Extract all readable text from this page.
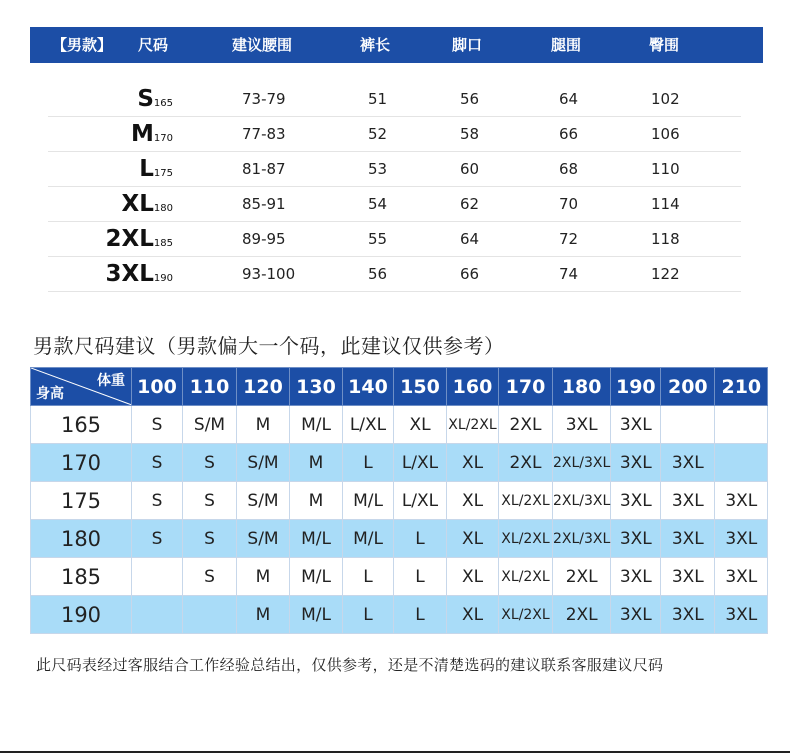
【男款】 尺码	建议腰围	裤长	脚口	腿围	臀围
S165	73-79	51	56	64	102
M170	77-83	52	58	66	106
L175	81-87	53	60	68	110
XL180	85-91	54	62	70	114
2XL185	89-95	55	64	72	118
3XL190	93-100	56	66	74	122
男款尺码建议（男款偏大一个码，此建议仅供参考）
体重
身高	100	110	120	130	140	150	160	170	180	190	200	210
165	S	S/M	M	M/L	L/XL	XL	XL/2XL	2XL	3XL	3XL		
170	S	S	S/M	M	L	L/XL	XL	2XL	2XL/3XL	3XL	3XL	
175	S	S	S/M	M	M/L	L/XL	XL	XL/2XL	2XL/3XL	3XL	3XL	3XL
180	S	S	S/M	M/L	M/L	L	XL	XL/2XL	2XL/3XL	3XL	3XL	3XL
185		S	M	M/L	L	L	XL	XL/2XL	2XL	3XL	3XL	3XL
190			M	M/L	L	L	XL	XL/2XL	2XL	3XL	3XL	3XL
此尺码表经过客服结合工作经验总结出，仅供参考，还是不清楚选码的建议联系客服建议尺码
